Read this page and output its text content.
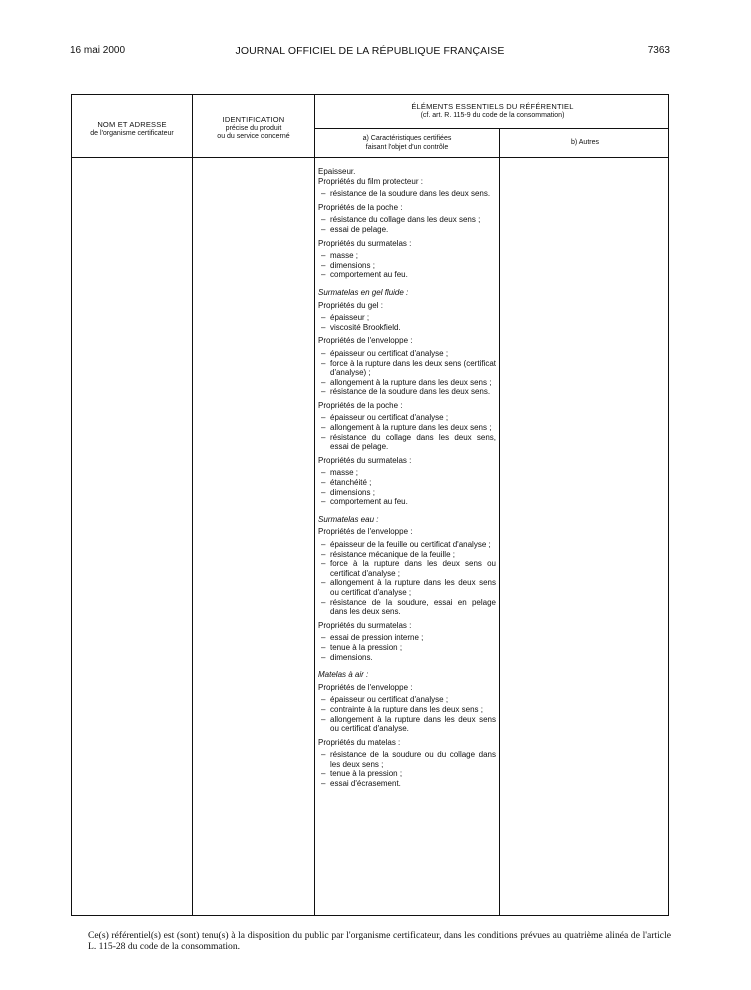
16 mai 2000	JOURNAL OFFICIEL DE LA RÉPUBLIQUE FRANÇAISE	7363
NOM ET ADRESSE
de l'organisme certificateur
IDENTIFICATION
précise du produit
ou du service concerné
ÉLÉMENTS ESSENTIELS DU RÉFÉRENTIEL
(cf. art. R. 115-9 du code de la consommation)
a) Caractéristiques certifiées
faisant l'objet d'un contrôle
b) Autres
Epaisseur.
Propriétés du film protecteur :
– résistance de la soudure dans les deux sens.
Propriétés de la poche :
– résistance du collage dans les deux sens ;
– essai de pelage.
Propriétés du surmatelas :
– masse ;
– dimensions ;
– comportement au feu.
Surmatelas en gel fluide :
Propriétés du gel :
– épaisseur ;
– viscosité Brookfield.
Propriétés de l'enveloppe :
– épaisseur ou certificat d'analyse ;
– force à la rupture dans les deux sens (certificat d'analyse) ;
– allongement à la rupture dans les deux sens ;
– résistance de la soudure dans les deux sens.
Propriétés de la poche :
– épaisseur ou certificat d'analyse ;
– allongement à la rupture dans les deux sens ;
– résistance du collage dans les deux sens, essai de pelage.
Propriétés du surmatelas :
– masse ;
– étanchéité ;
– dimensions ;
– comportement au feu.
Surmatelas eau :
Propriétés de l'enveloppe :
– épaisseur de la feuille ou certificat d'analyse ;
– résistance mécanique de la feuille ;
– force à la rupture dans les deux sens ou certificat d'analyse ;
– allongement à la rupture dans les deux sens ou certificat d'analyse ;
– résistance de la soudure, essai en pelage dans les deux sens.
Propriétés du surmatelas :
– essai de pression interne ;
– tenue à la pression ;
– dimensions.
Matelas à air :
Propriétés de l'enveloppe :
– épaisseur ou certificat d'analyse ;
– contrainte à la rupture dans les deux sens ;
– allongement à la rupture dans les deux sens ou certificat d'analyse.
Propriétés du matelas :
– résistance de la soudure ou du collage dans les deux sens ;
– tenue à la pression ;
– essai d'écrasement.
Ce(s) référentiel(s) est (sont) tenu(s) à la disposition du public par l'organisme certificateur, dans les conditions prévues au quatrième alinéa de l'article L. 115-28 du code de la consommation.
